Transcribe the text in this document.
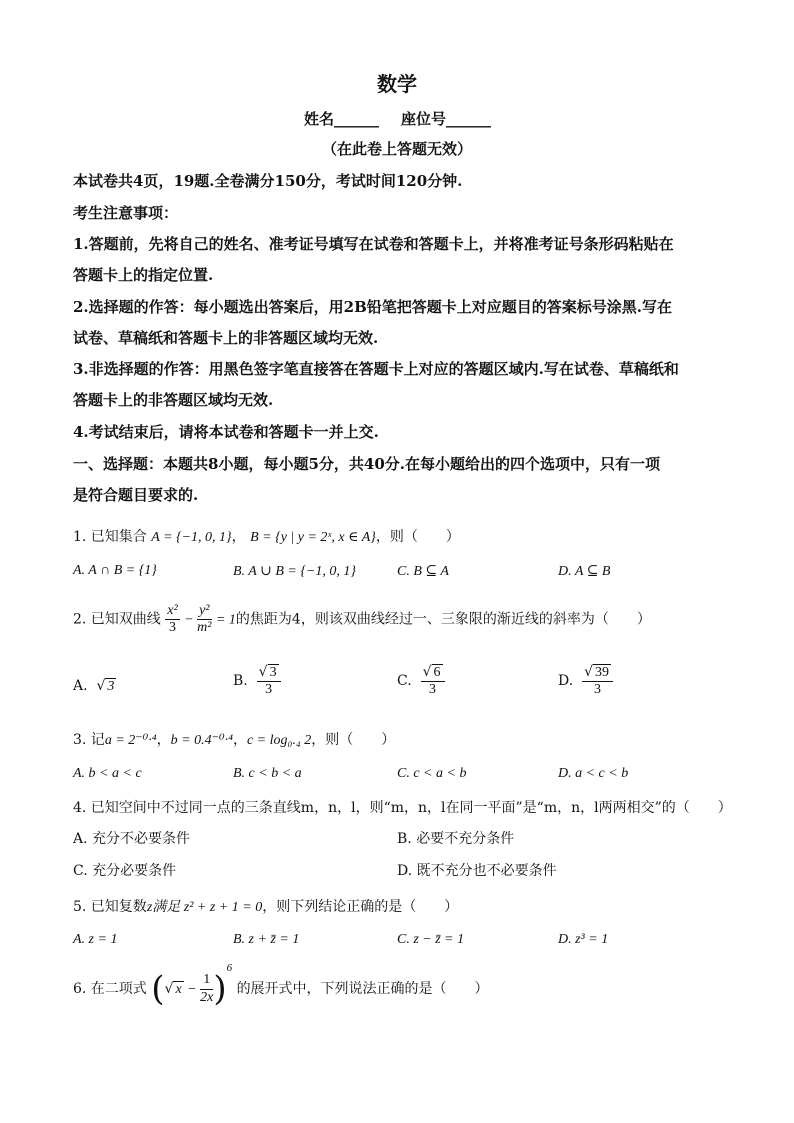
数学
姓名______ 座位号______
（在此卷上答题无效）
本试卷共4页，19题.全卷满分150分，考试时间120分钟.
考生注意事项：
1.答题前，先将自己的姓名、准考证号填写在试卷和答题卡上，并将准考证号条形码粘贴在
答题卡上的指定位置.
2.选择题的作答：每小题选出答案后，用2B铅笔把答题卡上对应题目的答案标号涂黑.写在
试卷、草稿纸和答题卡上的非答题区域均无效.
3.非选择题的作答：用黑色签字笔直接答在答题卡上对应的答题区域内.写在试卷、草稿纸和
答题卡上的非答题区域均无效.
4.考试结束后，请将本试卷和答题卡一并上交.
一、选择题：本题共8小题，每小题5分，共40分.在每小题给出的四个选项中，只有一项
是符合题目要求的.
1. 已知集合 A = {−1, 0, 1}， B = {y | y = 2ˣ, x ∈ A}，则（　　）
A. A ∩ B = {1}	B. A ∪ B = {−1, 0, 1}	C. B ⊆ A	D. A ⊆ B
2. 已知双曲线 $\frac{\text{x²}}{3} - \frac{\text{y²}}{\text{m²}} = 1$的焦距为4，则该双曲线经过一、三象限的渐近线的斜率为（　　）
A. √ 3	B. $\frac{√ 3}{3}$	C. $\frac{√ 6}{3}$	D. $\frac{√ 39}{3}$
3. 记a = 2⁻⁰·⁴，b = 0.4⁻⁰·⁴，c = log₀.₄ 2，则（　　）
A. b < a < c	B. c < b < a	C. c < a < b	D. a < c < b
4. 已知空间中不过同一点的三条直线m，n，l，则“m，n，l在同一平面”是“m，n，l两两相交”的（　　）
A. 充分不必要条件	B. 必要不充分条件
C. 充分必要条件	D. 既不充分也不必要条件
5. 已知复数z满足 z² + z + 1 = 0，则下列结论正确的是（　　）
A. z = 1	B. z + z̄ = 1	C. z − z̄ = 1	D. z³ = 1
6. 在二项式 (√ $x - \frac{1}{2x} )^6$ 的展开式中，下列说法正确的是（　　）
